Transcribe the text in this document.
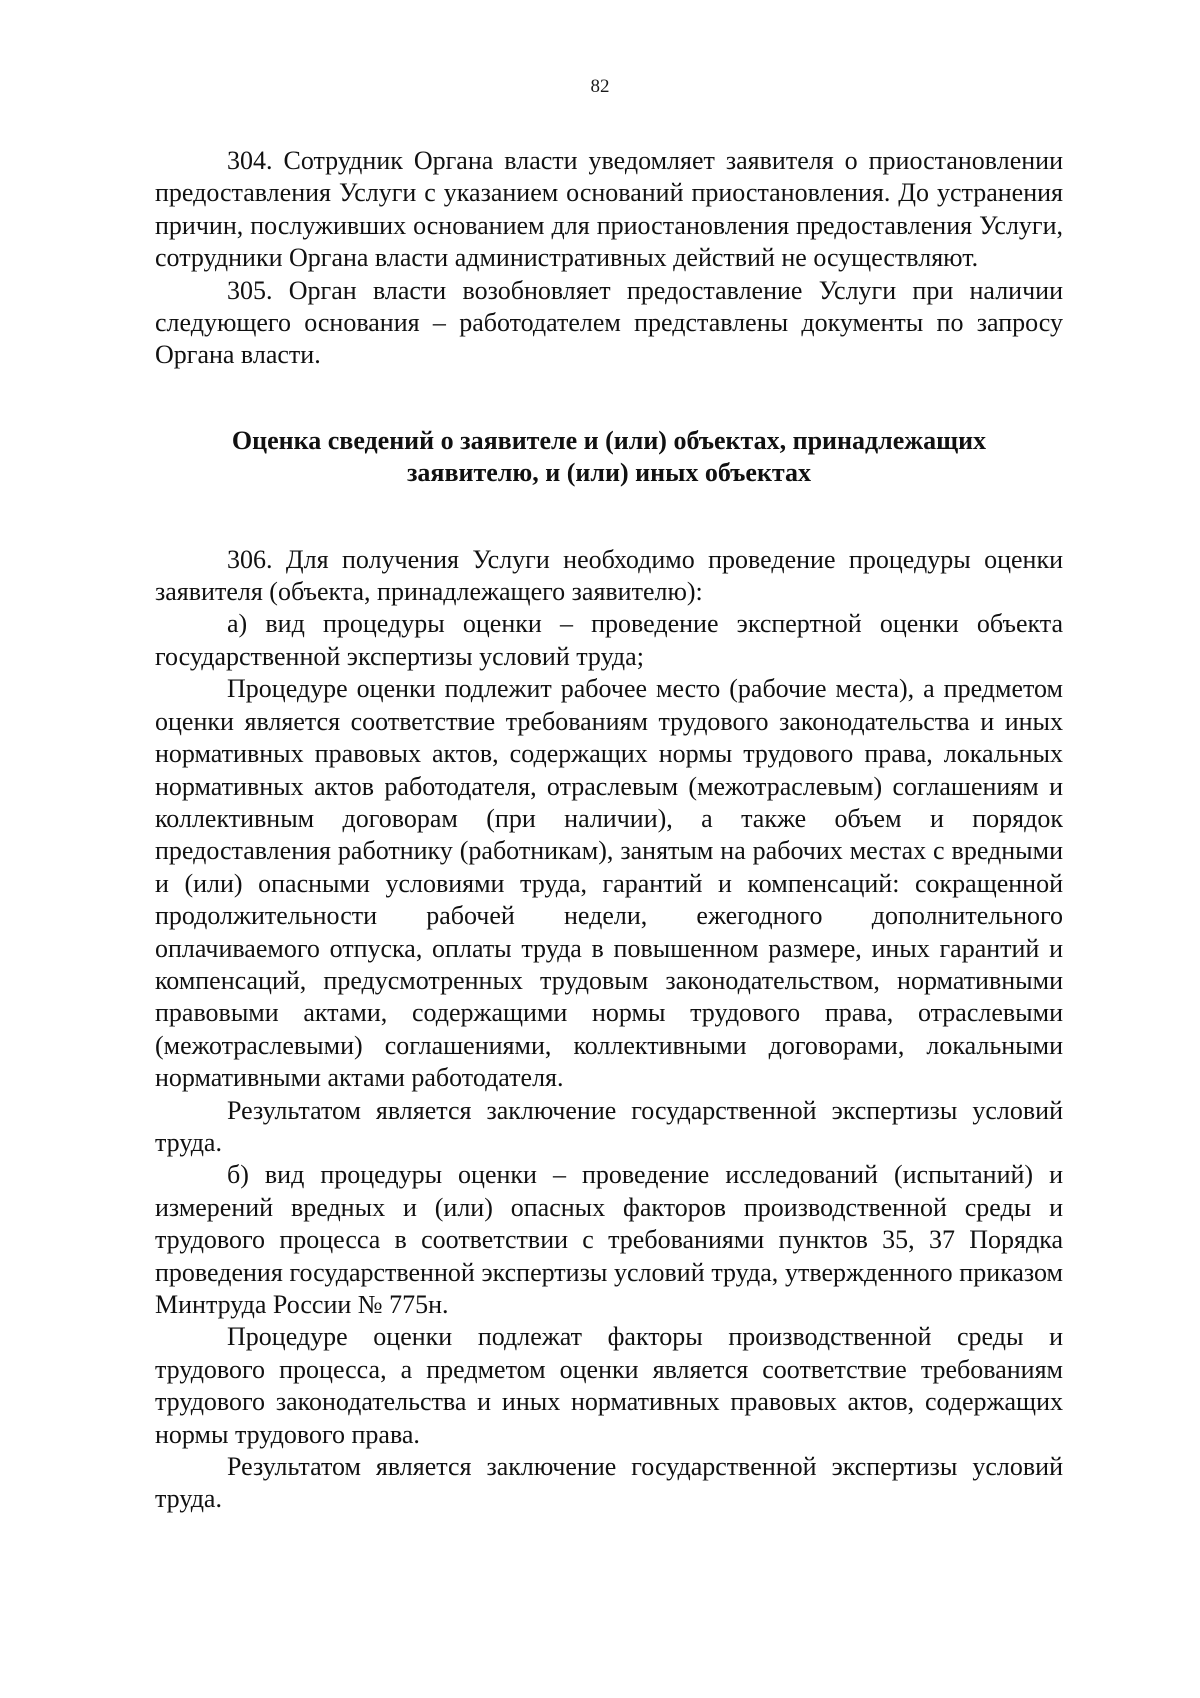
82

304. Сотрудник Органа власти уведомляет заявителя о приостановлении предоставления Услуги с указанием оснований приостановления. До устранения причин, послуживших основанием для приостановления предоставления Услуги, сотрудники Органа власти административных действий не осуществляют.

305. Орган власти возобновляет предоставление Услуги при наличии следующего основания – работодателем представлены документы по запросу Органа власти.

Оценка сведений о заявителе и (или) объектах, принадлежащих
заявителю, и (или) иных объектах

306. Для получения Услуги необходимо проведение процедуры оценки заявителя (объекта, принадлежащего заявителю):

а) вид процедуры оценки – проведение экспертной оценки объекта государственной экспертизы условий труда;

Процедуре оценки подлежит рабочее место (рабочие места), а предметом оценки является соответствие требованиям трудового законодательства и иных нормативных правовых актов, содержащих нормы трудового права, локальных нормативных актов работодателя, отраслевым (межотраслевым) соглашениям и коллективным договорам (при наличии), а также объем и порядок предоставления работнику (работникам), занятым на рабочих местах с вредными и (или) опасными условиями труда, гарантий и компенсаций: сокращенной продолжительности рабочей недели, ежегодного дополнительного оплачиваемого отпуска, оплаты труда в повышенном размере, иных гарантий и компенсаций, предусмотренных трудовым законодательством, нормативными правовыми актами, содержащими нормы трудового права, отраслевыми (межотраслевыми) соглашениями, коллективными договорами, локальными нормативными актами работодателя.

Результатом является заключение государственной экспертизы условий труда.

б) вид процедуры оценки – проведение исследований (испытаний) и измерений вредных и (или) опасных факторов производственной среды и трудового процесса в соответствии с требованиями пунктов 35, 37 Порядка проведения государственной экспертизы условий труда, утвержденного приказом Минтруда России № 775н.

Процедуре оценки подлежат факторы производственной среды и трудового процесса, а предметом оценки является соответствие требованиям трудового законодательства и иных нормативных правовых актов, содержащих нормы трудового права.

Результатом является заключение государственной экспертизы условий труда.
